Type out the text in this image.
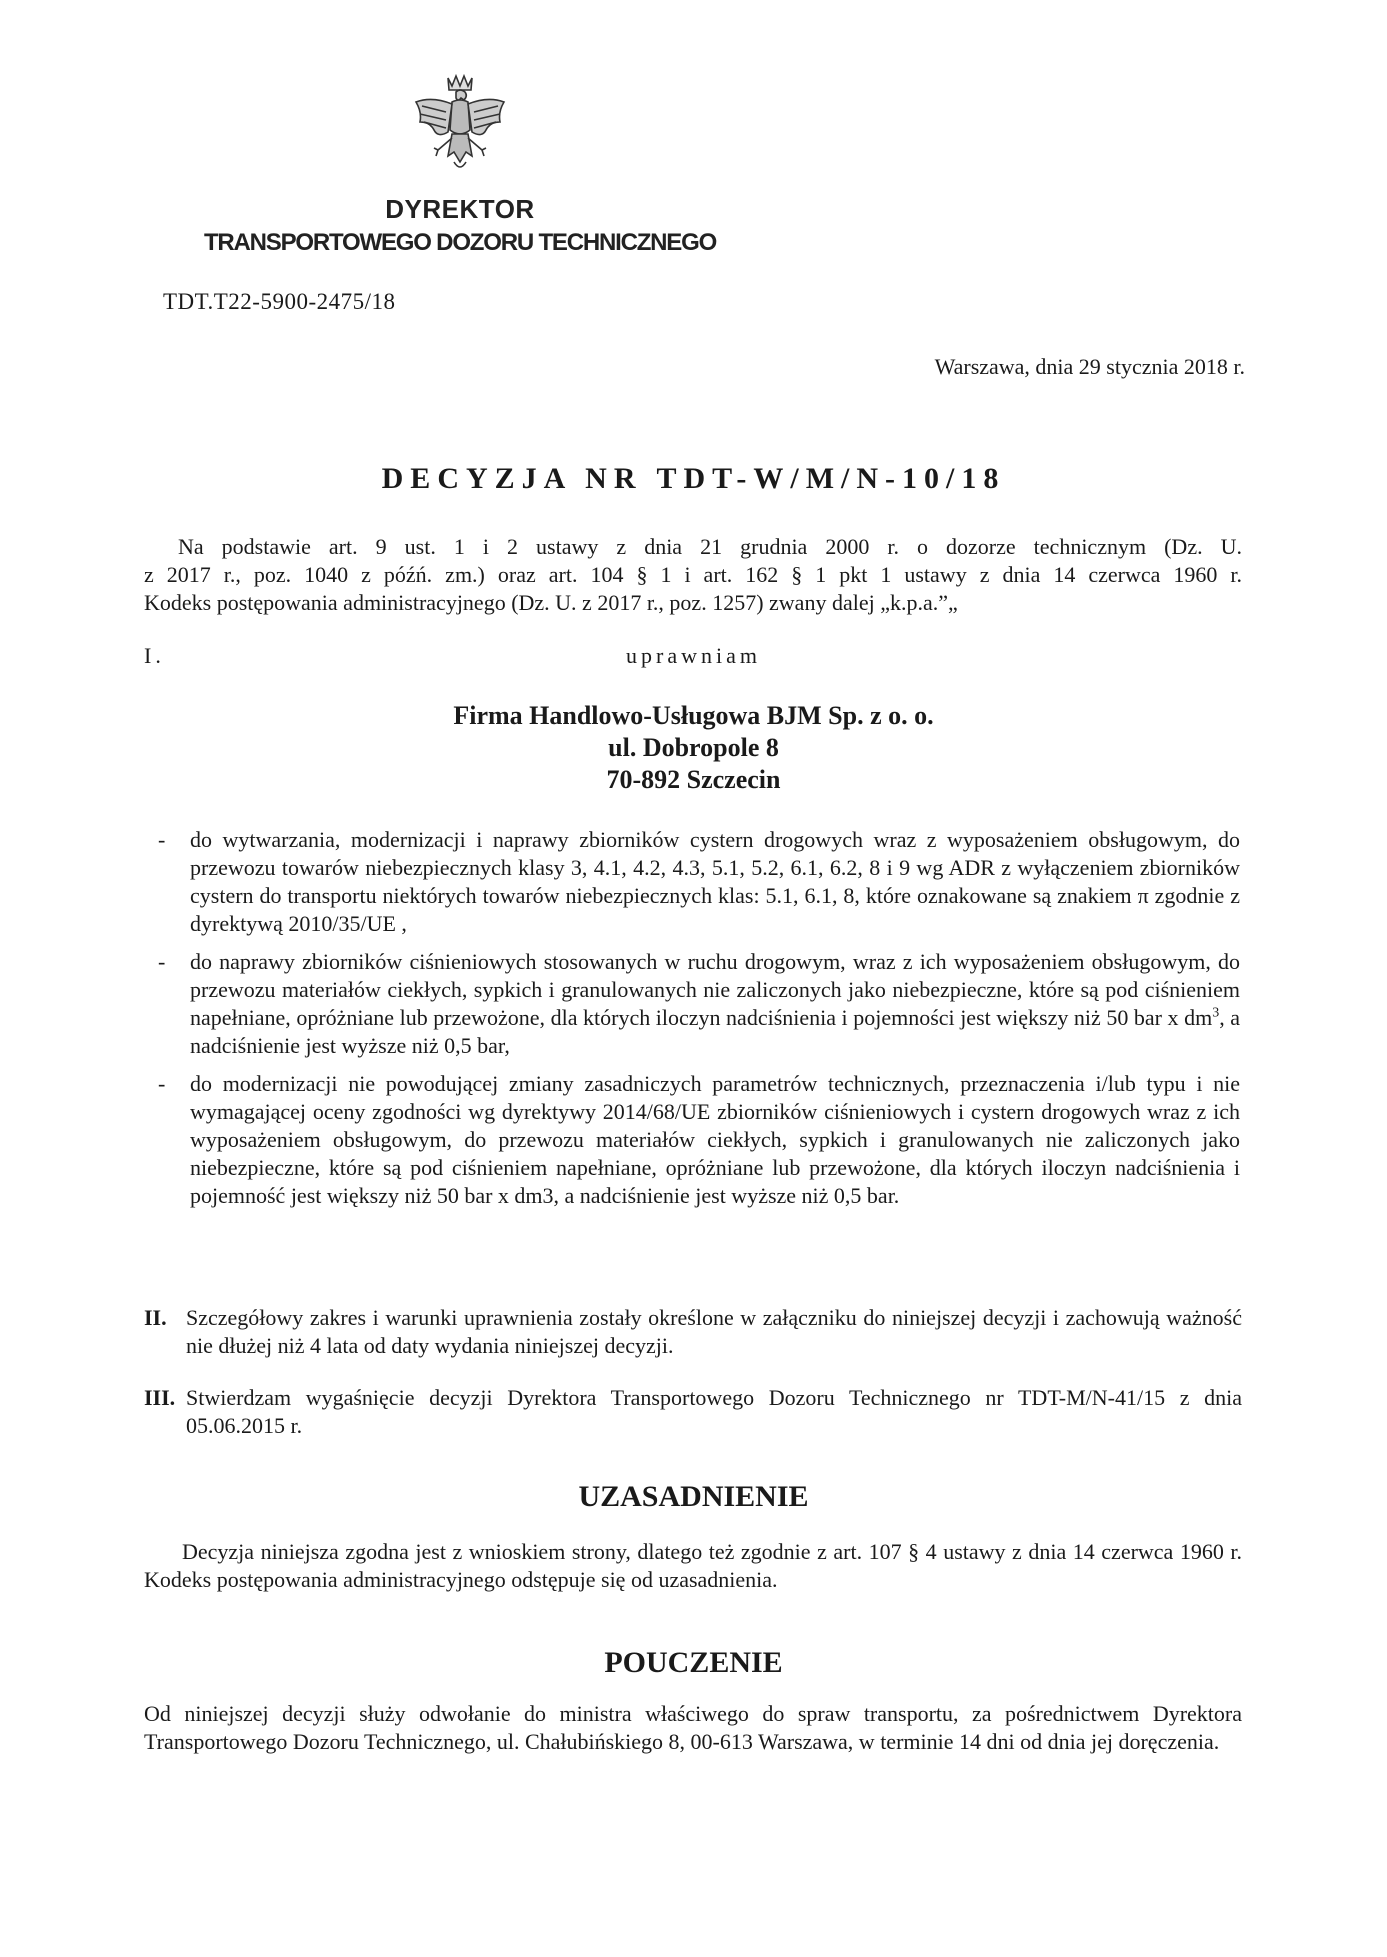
DYREKTOR
TRANSPORTOWEGO DOZORU TECHNICZNEGO
TDT.T22-5900-2475/18
Warszawa, dnia 29 stycznia 2018 r.
DECYZJA NR TDT-W/M/N-10/18
Na podstawie art. 9 ust. 1 i 2 ustawy z dnia 21 grudnia 2000 r. o dozorze technicznym (Dz. U.
z 2017 r., poz. 1040 z późń. zm.) oraz art. 104 § 1 i art. 162 § 1 pkt 1 ustawy z dnia 14 czerwca 1960 r.
Kodeks postępowania administracyjnego (Dz. U. z 2017 r., poz. 1257) zwany dalej „k.p.a.”„
I.	uprawniam
Firma Handlowo-Usługowa BJM Sp. z o. o.
ul. Dobropole 8
70-892 Szczecin
- do wytwarzania, modernizacji i naprawy zbiorników cystern drogowych wraz z wyposażeniem obsługowym, do przewozu towarów niebezpiecznych klasy 3, 4.1, 4.2, 4.3, 5.1, 5.2, 6.1, 6.2, 8 i 9 wg ADR z wyłączeniem zbiorników cystern do transportu niektórych towarów niebezpiecznych klas: 5.1, 6.1, 8, które oznakowane są znakiem π zgodnie z dyrektywą 2010/35/UE ,
- do naprawy zbiorników ciśnieniowych stosowanych w ruchu drogowym, wraz z ich wyposażeniem obsługowym, do przewozu materiałów ciekłych, sypkich i granulowanych nie zaliczonych jako niebezpieczne, które są pod ciśnieniem napełniane, opróżniane lub przewożone, dla których iloczyn nadciśnienia i pojemności jest większy niż 50 bar x $dm^3$, a nadciśnienie jest wyższe niż 0,5 bar,
- do modernizacji nie powodującej zmiany zasadniczych parametrów technicznych, przeznaczenia i/lub typu i nie wymagającej oceny zgodności wg dyrektywy 2014/68/UE zbiorników ciśnieniowych i cystern drogowych wraz z ich wyposażeniem obsługowym, do przewozu materiałów ciekłych, sypkich i granulowanych nie zaliczonych jako niebezpieczne, które są pod ciśnieniem napełniane, opróżniane lub przewożone, dla których iloczyn nadciśnienia i pojemność jest większy niż 50 bar x dm3, a nadciśnienie jest wyższe niż 0,5 bar.
II. Szczegółowy zakres i warunki uprawnienia zostały określone w załączniku do niniejszej decyzji i zachowują ważność nie dłużej niż 4 lata od daty wydania niniejszej decyzji.
III. Stwierdzam wygaśnięcie decyzji Dyrektora Transportowego Dozoru Technicznego nr TDT-M/N-41/15 z dnia 05.06.2015 r.
UZASADNIENIE
Decyzja niniejsza zgodna jest z wnioskiem strony, dlatego też zgodnie z art. 107 § 4 ustawy z dnia 14 czerwca 1960 r. Kodeks postępowania administracyjnego odstępuje się od uzasadnienia.
POUCZENIE
Od niniejszej decyzji służy odwołanie do ministra właściwego do spraw transportu, za pośrednictwem Dyrektora Transportowego Dozoru Technicznego, ul. Chałubińskiego 8, 00-613 Warszawa, w terminie 14 dni od dnia jej doręczenia.
